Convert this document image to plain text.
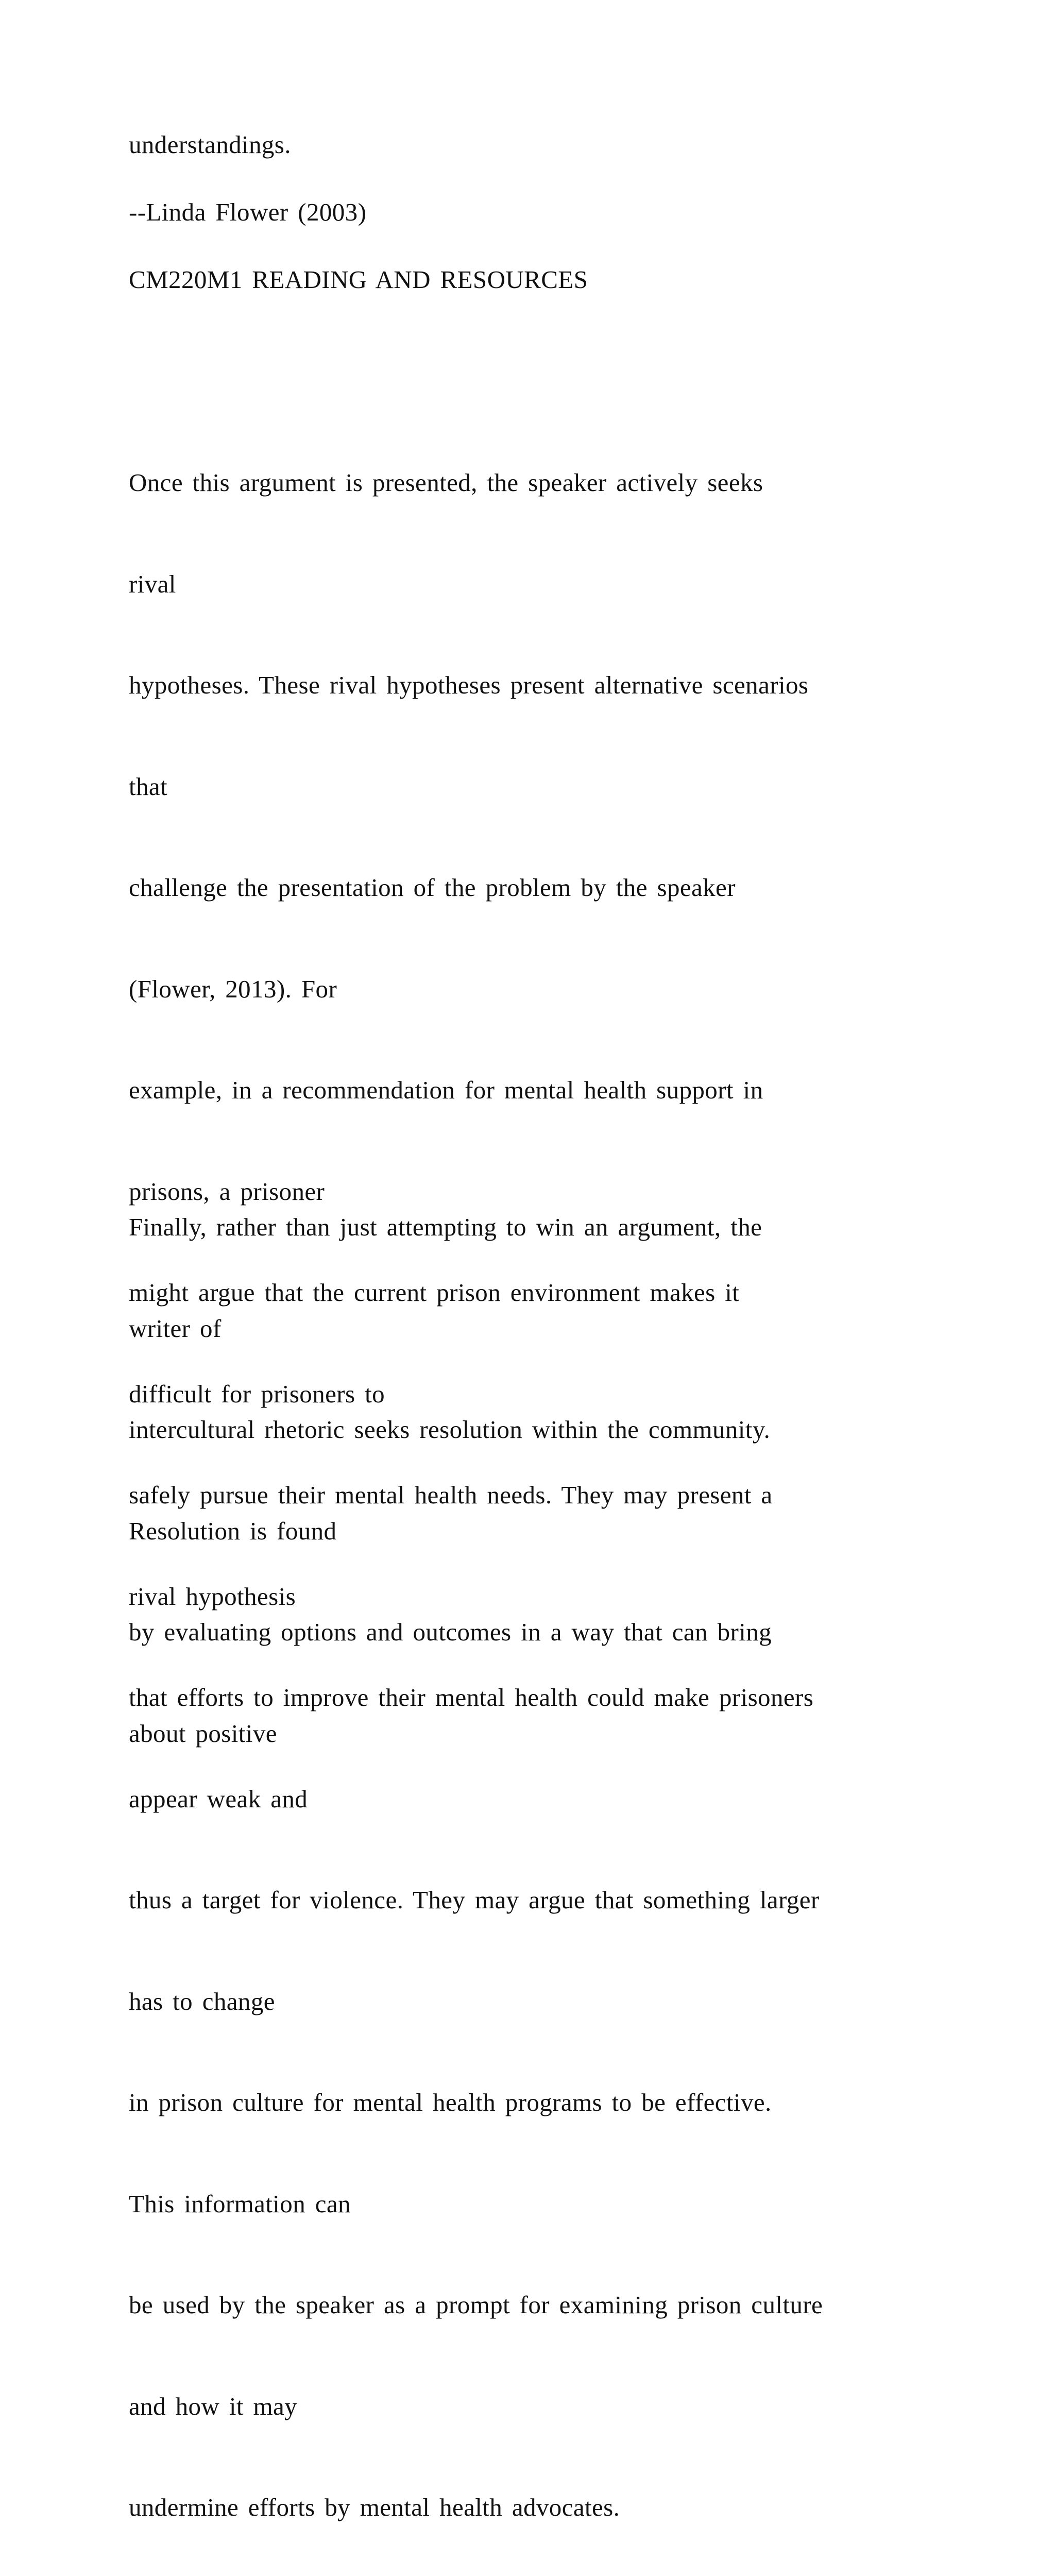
understandings.

--Linda Flower (2003)

CM220M1 READING AND RESOURCES

Once this argument is presented, the speaker actively seeks

rival

hypotheses. These rival hypotheses present alternative scenarios

that

challenge the presentation of the problem by the speaker

(Flower, 2013). For

example, in a recommendation for mental health support in

prisons, a prisoner

might argue that the current prison environment makes it

difficult for prisoners to

safely pursue their mental health needs. They may present a

rival hypothesis

that efforts to improve their mental health could make prisoners

appear weak and

thus a target for violence. They may argue that something larger

has to change

in prison culture for mental health programs to be effective.

This information can

be used by the speaker as a prompt for examining prison culture

and how it may

undermine efforts by mental health advocates.

Finally, rather than just attempting to win an argument, the

writer of

intercultural rhetoric seeks resolution within the community.

Resolution is found

by evaluating options and outcomes in a way that can bring

about positive
